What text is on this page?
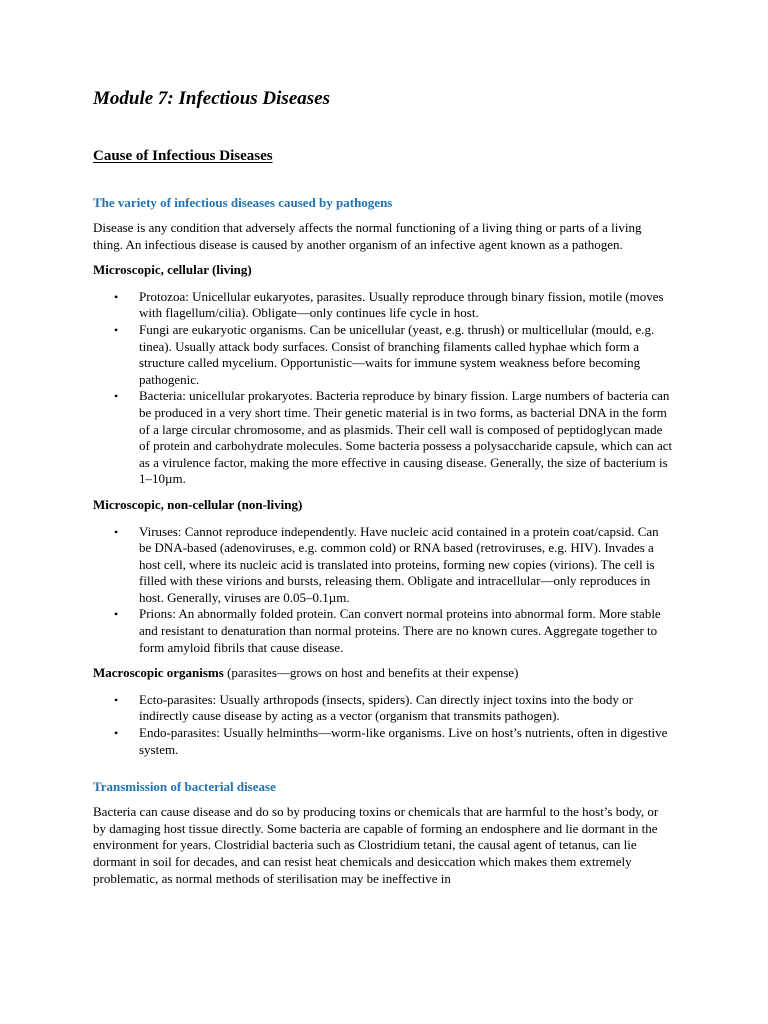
Module 7: Infectious Diseases
Cause of Infectious Diseases
The variety of infectious diseases caused by pathogens

Disease is any condition that adversely affects the normal functioning of a living thing or parts of a living thing. An infectious disease is caused by another organism of an infective agent known as a pathogen.

Microscopic, cellular (living)

• Protozoa: Unicellular eukaryotes, parasites. Usually reproduce through binary fission, motile (moves with flagellum/cilia). Obligate—only continues life cycle in host.
• Fungi are eukaryotic organisms. Can be unicellular (yeast, e.g. thrush) or multicellular (mould, e.g. tinea). Usually attack body surfaces. Consist of branching filaments called hyphae which form a structure called mycelium. Opportunistic—waits for immune system weakness before becoming pathogenic.
• Bacteria: unicellular prokaryotes. Bacteria reproduce by binary fission. Large numbers of bacteria can be produced in a very short time. Their genetic material is in two forms, as bacterial DNA in the form of a large circular chromosome, and as plasmids. Their cell wall is composed of peptidoglycan made of protein and carbohydrate molecules. Some bacteria possess a polysaccharide capsule, which can act as a virulence factor, making the more effective in causing disease. Generally, the size of bacterium is 1–10µm.

Microscopic, non-cellular (non-living)

• Viruses: Cannot reproduce independently. Have nucleic acid contained in a protein coat/capsid. Can be DNA-based (adenoviruses, e.g. common cold) or RNA based (retroviruses, e.g. HIV). Invades a host cell, where its nucleic acid is translated into proteins, forming new copies (virions). The cell is filled with these virions and bursts, releasing them. Obligate and intracellular—only reproduces in host. Generally, viruses are 0.05–0.1µm.
• Prions: An abnormally folded protein. Can convert normal proteins into abnormal form. More stable and resistant to denaturation than normal proteins. There are no known cures. Aggregate together to form amyloid fibrils that cause disease.

Macroscopic organisms (parasites—grows on host and benefits at their expense)

• Ecto-parasites: Usually arthropods (insects, spiders). Can directly inject toxins into the body or indirectly cause disease by acting as a vector (organism that transmits pathogen).
• Endo-parasites: Usually helminths—worm-like organisms. Live on host’s nutrients, often in digestive system.
Transmission of bacterial disease

Bacteria can cause disease and do so by producing toxins or chemicals that are harmful to the host’s body, or by damaging host tissue directly. Some bacteria are capable of forming an endosphere and lie dormant in the environment for years. Clostridial bacteria such as Clostridium tetani, the causal agent of tetanus, can lie dormant in soil for decades, and can resist heat chemicals and desiccation which makes them extremely problematic, as normal methods of sterilisation may be ineffective in
